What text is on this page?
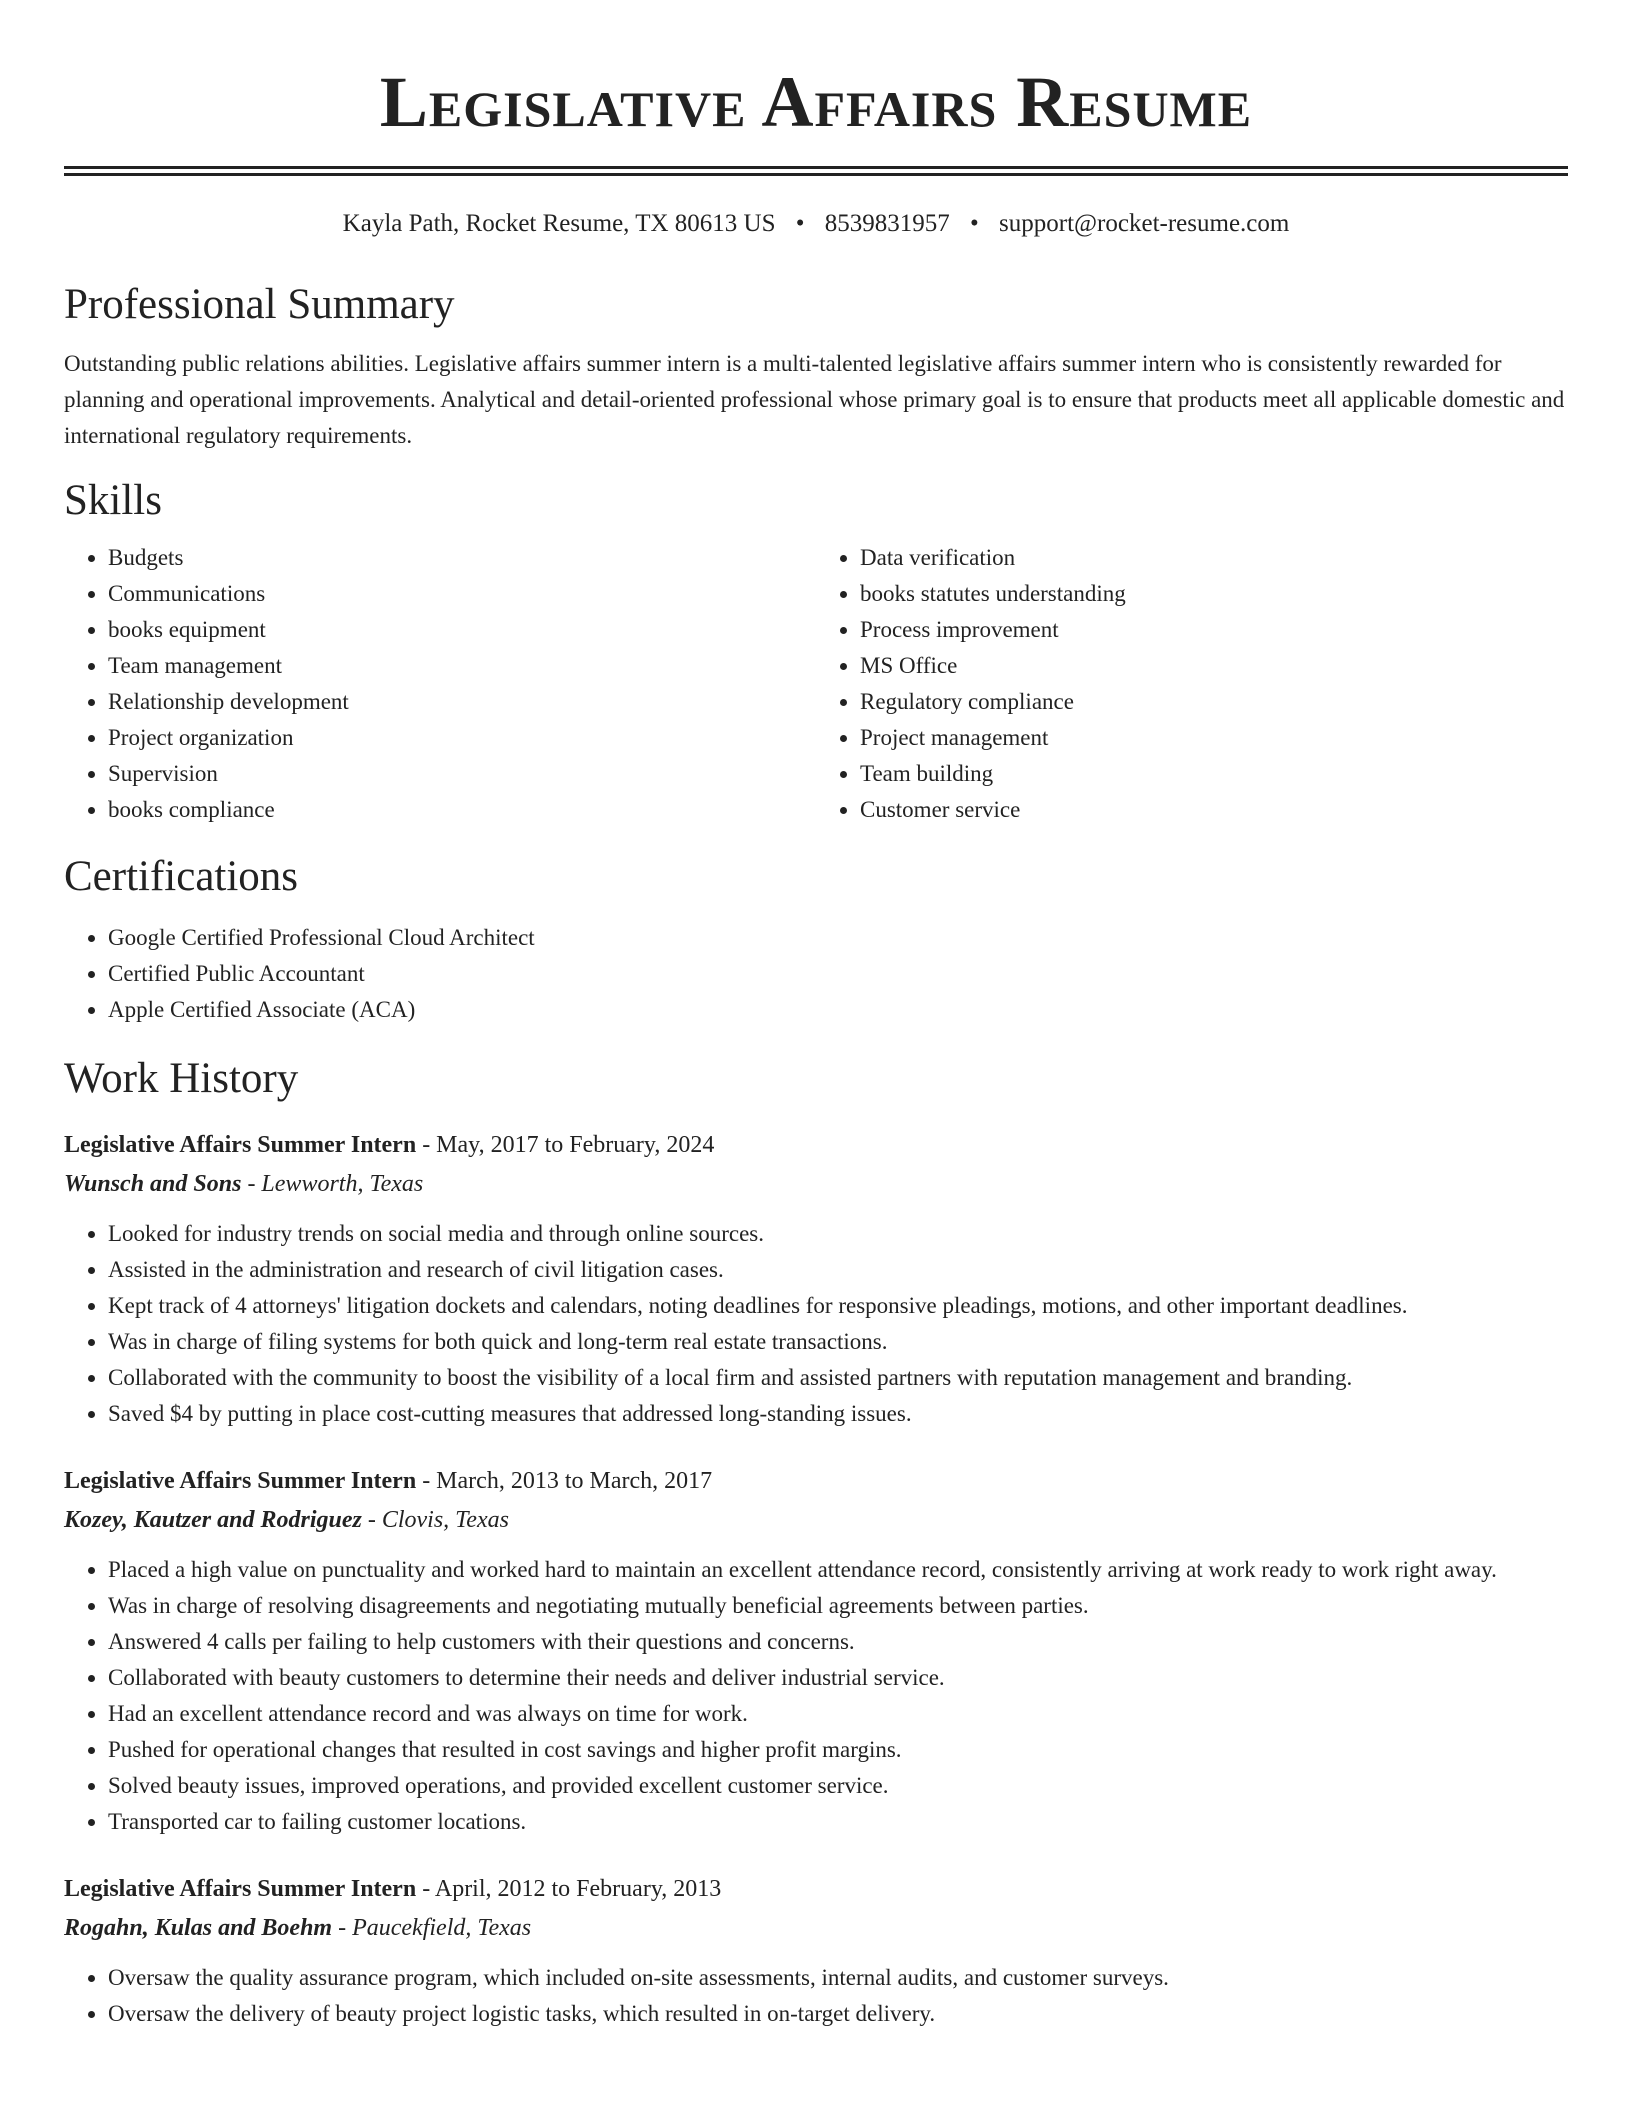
Legislative Affairs Resume
Kayla Path, Rocket Resume, TX 80613 US • 8539831957 • support@rocket-resume.com
Professional Summary

Outstanding public relations abilities. Legislative affairs summer intern is a multi-talented legislative affairs summer intern who is consistently rewarded for planning and operational improvements. Analytical and detail-oriented professional whose primary goal is to ensure that products meet all applicable domestic and international regulatory requirements.

Skills
• Budgets
• Communications
• books equipment
• Team management
• Relationship development
• Project organization
• Supervision
• books compliance
• Data verification
• books statutes understanding
• Process improvement
• MS Office
• Regulatory compliance
• Project management
• Team building
• Customer service
Certifications
• Google Certified Professional Cloud Architect
• Certified Public Accountant
• Apple Certified Associate (ACA)
Work History
Legislative Affairs Summer Intern - May, 2017 to February, 2024
Wunsch and Sons - Lewworth, Texas
• Looked for industry trends on social media and through online sources.
• Assisted in the administration and research of civil litigation cases.
• Kept track of 4 attorneys' litigation dockets and calendars, noting deadlines for responsive pleadings, motions, and other important deadlines.
• Was in charge of filing systems for both quick and long-term real estate transactions.
• Collaborated with the community to boost the visibility of a local firm and assisted partners with reputation management and branding.
• Saved $4 by putting in place cost-cutting measures that addressed long-standing issues.
Legislative Affairs Summer Intern - March, 2013 to March, 2017
Kozey, Kautzer and Rodriguez - Clovis, Texas
• Placed a high value on punctuality and worked hard to maintain an excellent attendance record, consistently arriving at work ready to work right away.
• Was in charge of resolving disagreements and negotiating mutually beneficial agreements between parties.
• Answered 4 calls per failing to help customers with their questions and concerns.
• Collaborated with beauty customers to determine their needs and deliver industrial service.
• Had an excellent attendance record and was always on time for work.
• Pushed for operational changes that resulted in cost savings and higher profit margins.
• Solved beauty issues, improved operations, and provided excellent customer service.
• Transported car to failing customer locations.
Legislative Affairs Summer Intern - April, 2012 to February, 2013
Rogahn, Kulas and Boehm - Paucekfield, Texas
• Oversaw the quality assurance program, which included on-site assessments, internal audits, and customer surveys.
• Oversaw the delivery of beauty project logistic tasks, which resulted in on-target delivery.
